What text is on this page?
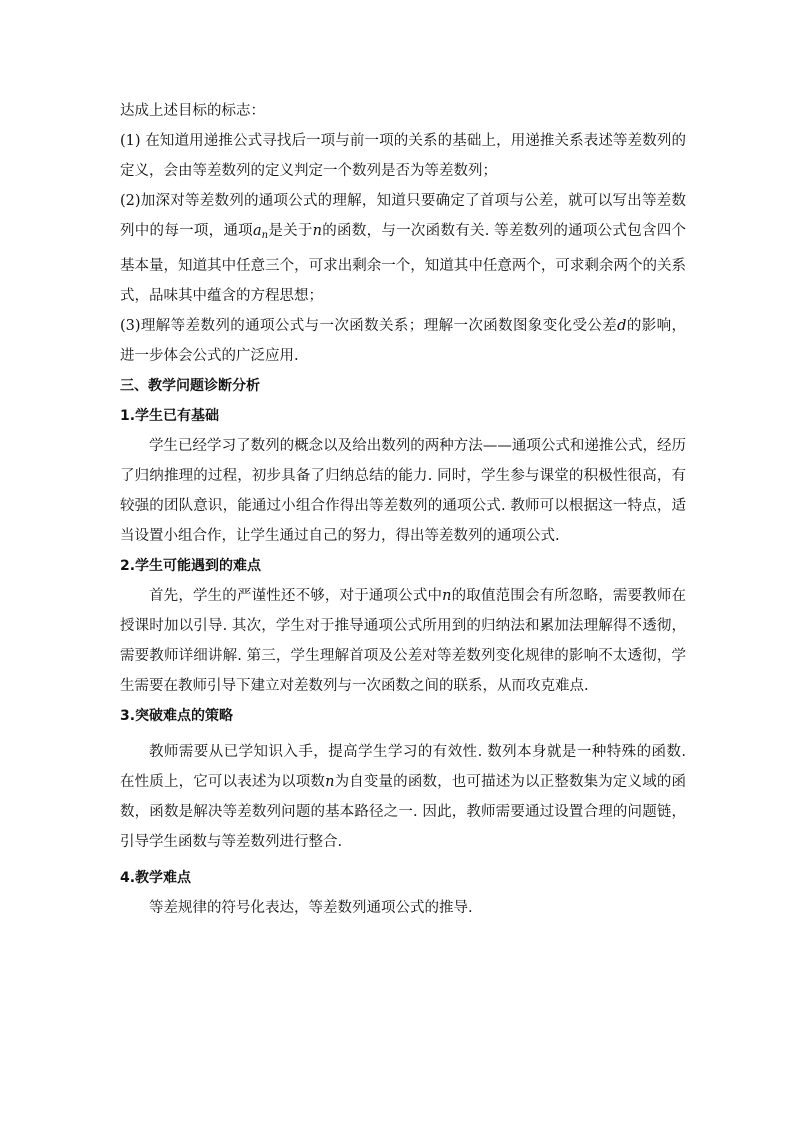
达成上述目标的标志：

(1) 在知道用递推公式寻找后一项与前一项的关系的基础上，用递推关系表述等差数列的定义，会由等差数列的定义判定一个数列是否为等差数列；

(2)加深对等差数列的通项公式的理解，知道只要确定了首项与公差，就可以写出等差数列中的每一项，通项$a_n$是关于n的函数，与一次函数有关. 等差数列的通项公式包含四个基本量，知道其中任意三个，可求出剩余一个，知道其中任意两个，可求剩余两个的关系式，品味其中蕴含的方程思想；

(3)理解等差数列的通项公式与一次函数关系；理解一次函数图象变化受公差d的影响，进一步体会公式的广泛应用.

三、教学问题诊断分析

1.学生已有基础

学生已经学习了数列的概念以及给出数列的两种方法——通项公式和递推公式，经历了归纳推理的过程，初步具备了归纳总结的能力. 同时，学生参与课堂的积极性很高，有较强的团队意识，能通过小组合作得出等差数列的通项公式. 教师可以根据这一特点，适当设置小组合作，让学生通过自己的努力，得出等差数列的通项公式.

2.学生可能遇到的难点

首先，学生的严谨性还不够，对于通项公式中n的取值范围会有所忽略，需要教师在授课时加以引导. 其次，学生对于推导通项公式所用到的归纳法和累加法理解得不透彻，需要教师详细讲解. 第三，学生理解首项及公差对等差数列变化规律的影响不太透彻，学生需要在教师引导下建立对差数列与一次函数之间的联系，从而攻克难点.

3.突破难点的策略

教师需要从已学知识入手，提高学生学习的有效性. 数列本身就是一种特殊的函数. 在性质上，它可以表述为以项数n为自变量的函数，也可描述为以正整数集为定义域的函数，函数是解决等差数列问题的基本路径之一. 因此，教师需要通过设置合理的问题链，引导学生函数与等差数列进行整合.

4.教学难点

等差规律的符号化表达，等差数列通项公式的推导.
